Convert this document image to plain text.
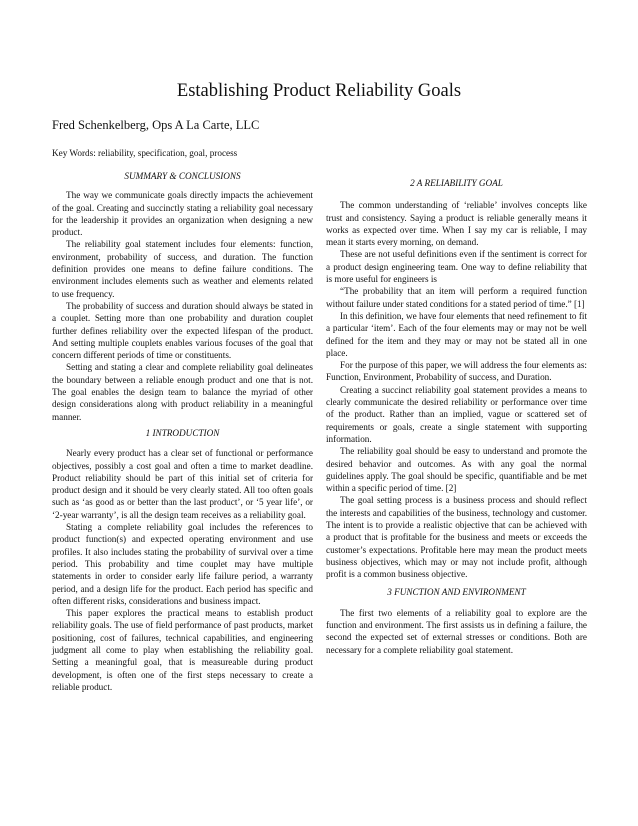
Establishing Product Reliability Goals
Fred Schenkelberg, Ops A La Carte, LLC
Key Words: reliability, specification, goal, process

SUMMARY & CONCLUSIONS

The way we communicate goals directly impacts the achievement of the goal. Creating and succinctly stating a reliability goal necessary for the leadership it provides an organization when designing a new product.

The reliability goal statement includes four elements: function, environment, probability of success, and duration. The function definition provides one means to define failure conditions. The environment includes elements such as weather and elements related to use frequency.

The probability of success and duration should always be stated in a couplet. Setting more than one probability and duration couplet further defines reliability over the expected lifespan of the product. And setting multiple couplets enables various focuses of the goal that concern different periods of time or constituents.

Setting and stating a clear and complete reliability goal delineates the boundary between a reliable enough product and one that is not. The goal enables the design team to balance the myriad of other design considerations along with product reliability in a meaningful manner.

1 INTRODUCTION

Nearly every product has a clear set of functional or performance objectives, possibly a cost goal and often a time to market deadline. Product reliability should be part of this initial set of criteria for product design and it should be very clearly stated. All too often goals such as ‘as good as or better than the last product’, or ‘5 year life’, or ‘2-year warranty’, is all the design team receives as a reliability goal.

Stating a complete reliability goal includes the references to product function(s) and expected operating environment and use profiles. It also includes stating the probability of survival over a time period. This probability and time couplet may have multiple statements in order to consider early life failure period, a warranty period, and a design life for the product. Each period has specific and often different risks, considerations and business impact.

This paper explores the practical means to establish product reliability goals. The use of field performance of past products, market positioning, cost of failures, technical capabilities, and engineering judgment all come to play when establishing the reliability goal. Setting a meaningful goal, that is measureable during product development, is often one of the first steps necessary to create a reliable product.

2 A RELIABILITY GOAL

The common understanding of ‘reliable’ involves concepts like trust and consistency. Saying a product is reliable generally means it works as expected over time. When I say my car is reliable, I may mean it starts every morning, on demand.

These are not useful definitions even if the sentiment is correct for a product design engineering team. One way to define reliability that is more useful for engineers is

“The probability that an item will perform a required function without failure under stated conditions for a stated period of time.” [1]

In this definition, we have four elements that need refinement to fit a particular ‘item’. Each of the four elements may or may not be well defined for the item and they may or may not be stated all in one place.

For the purpose of this paper, we will address the four elements as: Function, Environment, Probability of success, and Duration.

Creating a succinct reliability goal statement provides a means to clearly communicate the desired reliability or performance over time of the product. Rather than an implied, vague or scattered set of requirements or goals, create a single statement with supporting information.

The reliability goal should be easy to understand and promote the desired behavior and outcomes. As with any goal the normal guidelines apply. The goal should be specific, quantifiable and be met within a specific period of time. [2]

The goal setting process is a business process and should reflect the interests and capabilities of the business, technology and customer. The intent is to provide a realistic objective that can be achieved with a product that is profitable for the business and meets or exceeds the customer’s expectations. Profitable here may mean the product meets business objectives, which may or may not include profit, although profit is a common business objective.

3 FUNCTION AND ENVIRONMENT

The first two elements of a reliability goal to explore are the function and environment. The first assists us in defining a failure, the second the expected set of external stresses or conditions. Both are necessary for a complete reliability goal statement.
